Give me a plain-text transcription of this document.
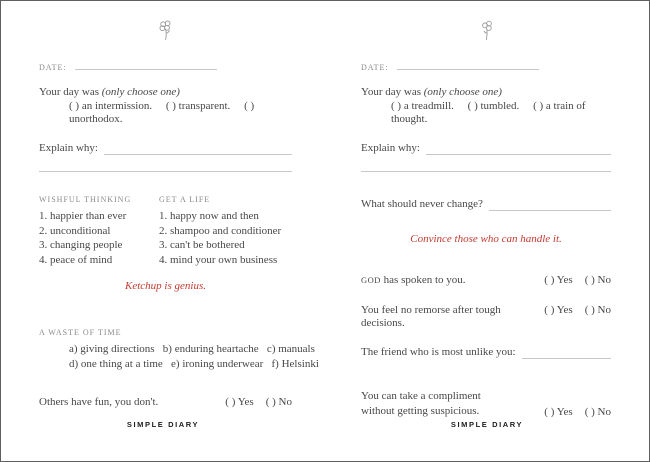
DATE:
Your day was (only choose one)
( ) an intermission. ( ) transparent. ( ) unorthodox.
Explain why:
WISHFUL THINKING
1. happier than ever
2. unconditional
3. changing people
4. peace of mind
GET A LIFE
1. happy now and then
2. shampoo and conditioner
3. can't be bothered
4. mind your own business
Ketchup is genius.
A WASTE OF TIME
a) giving directions   b) enduring heartache   c) manuals
d) one thing at a time   e) ironing underwear   f) Helsinki
Others have fun, you don't.	( ) Yes ( ) No
SIMPLE DIARY
DATE:
Your day was (only choose one)
( ) a treadmill. ( ) tumbled. ( ) a train of thought.
Explain why:
What should never change?
Convince those who can handle it.
GOD has spoken to you.	( ) Yes ( ) No
You feel no remorse after tough decisions.
( ) Yes ( ) No
The friend who is most unlike you:
You can take a compliment
without getting suspicious.	( ) Yes ( ) No
SIMPLE DIARY
